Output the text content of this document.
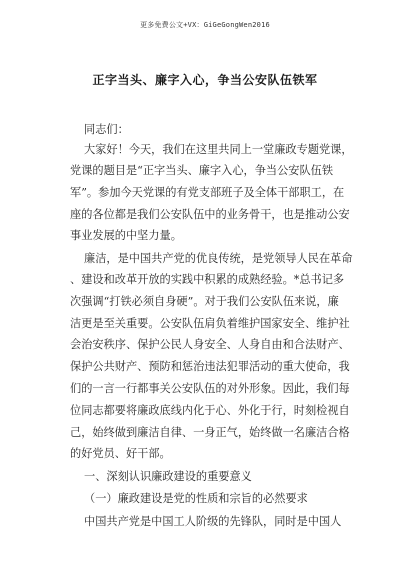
更多免费公文+VX：GiGeGongWen2016
正字当头、廉字入心，争当公安队伍铁军
同志们：
大家好！今天，我们在这里共同上一堂廉政专题党课，
党课的题目是“正字当头、廉字入心，争当公安队伍铁
军”。参加今天党课的有党支部班子及全体干部职工，在
座的各位都是我们公安队伍中的业务骨干，也是推动公安
事业发展的中坚力量。
廉洁，是中国共产党的优良传统，是党领导人民在革命
、建设和改革开放的实践中积累的成熟经验。*总书记多
次强调“打铁必须自身硬”。对于我们公安队伍来说，廉
洁更是至关重要。公安队伍肩负着维护国家安全、维护社
会治安秩序、保护公民人身安全、人身自由和合法财产、
保护公共财产、预防和惩治违法犯罪活动的重大使命，我
们的一言一行都事关公安队伍的对外形象。因此，我们每
位同志都要将廉政底线内化于心、外化于行，时刻检视自
己，始终做到廉洁自律、一身正气，始终做一名廉洁合格
的好党员、好干部。
一、深刻认识廉政建设的重要意义
（一）廉政建设是党的性质和宗旨的必然要求
中国共产党是中国工人阶级的先锋队，同时是中国人
